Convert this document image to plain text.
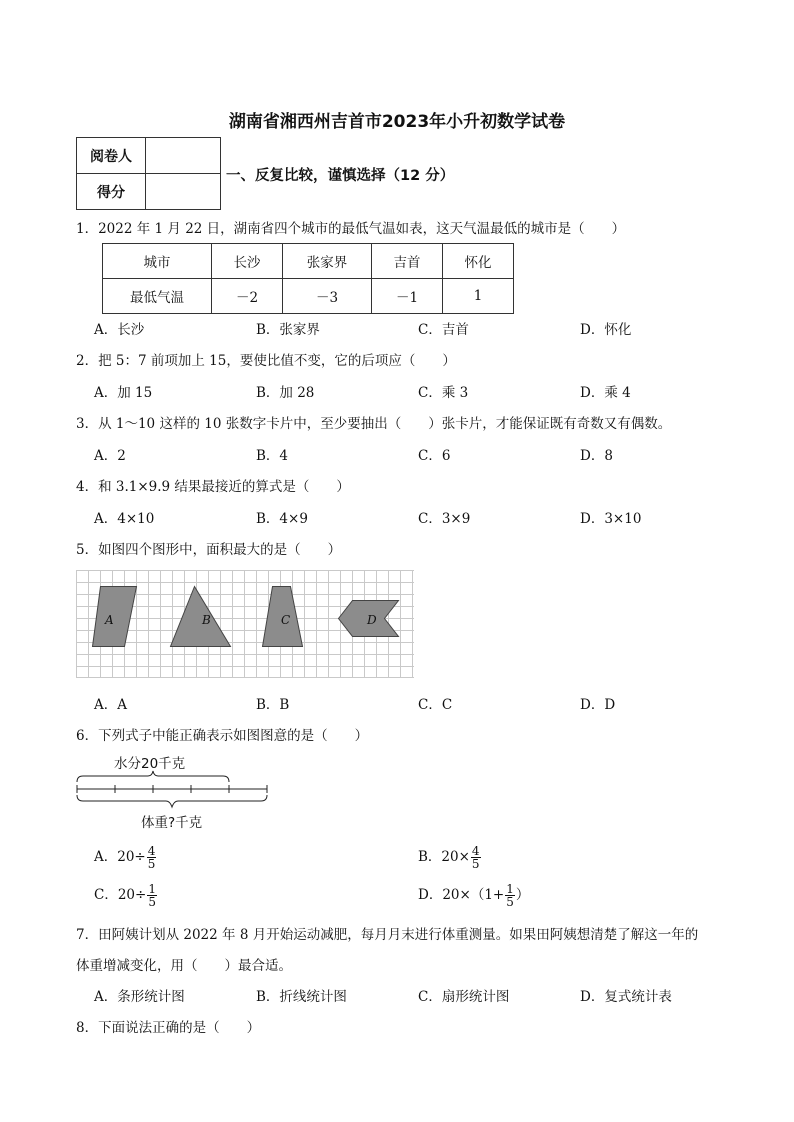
湖南省湘西州吉首市2023年小升初数学试卷
阅卷人	
得分	
一、反复比较，谨慎选择（12 分）
1．2022 年 1 月 22 日，湖南省四个城市的最低气温如表，这天气温最低的城市是（　　）
城市	长沙	张家界	吉首	怀化
最低气温	－2	－3	－1	1
A．长沙	B．张家界	C．吉首	D．怀化
2．把 5：7 前项加上 15，要使比值不变，它的后项应（　　）
A．加 15	B．加 28	C．乘 3	D．乘 4
3．从 1～10 这样的 10 张数字卡片中，至少要抽出（　　）张卡片，才能保证既有奇数又有偶数。
A．2	B．4	C．6	D．8
4．和 3.1×9.9 结果最接近的算式是（　　）
A．4×10	B．4×9	C．3×9	D．3×10
5．如图四个图形中，面积最大的是（　　）
A	B	C	D
A．A	B．B	C．C	D．D
6．下列式子中能正确表示如图图意的是（　　）
水分20千克
体重?千克
A．$20\div \frac{4}{5}$	B．$20\times \frac{4}{5}$
C．$20\div \frac{1}{5}$	D．$20\times(1+ \frac{1}{5}$ ）
7．田阿姨计划从 2022 年 8 月开始运动减肥，每月月末进行体重测量。如果田阿姨想清楚了解这一年的
体重增减变化，用（　　）最合适。
A．条形统计图	B．折线统计图	C．扇形统计图	D．复式统计表
8．下面说法正确的是（　　）
